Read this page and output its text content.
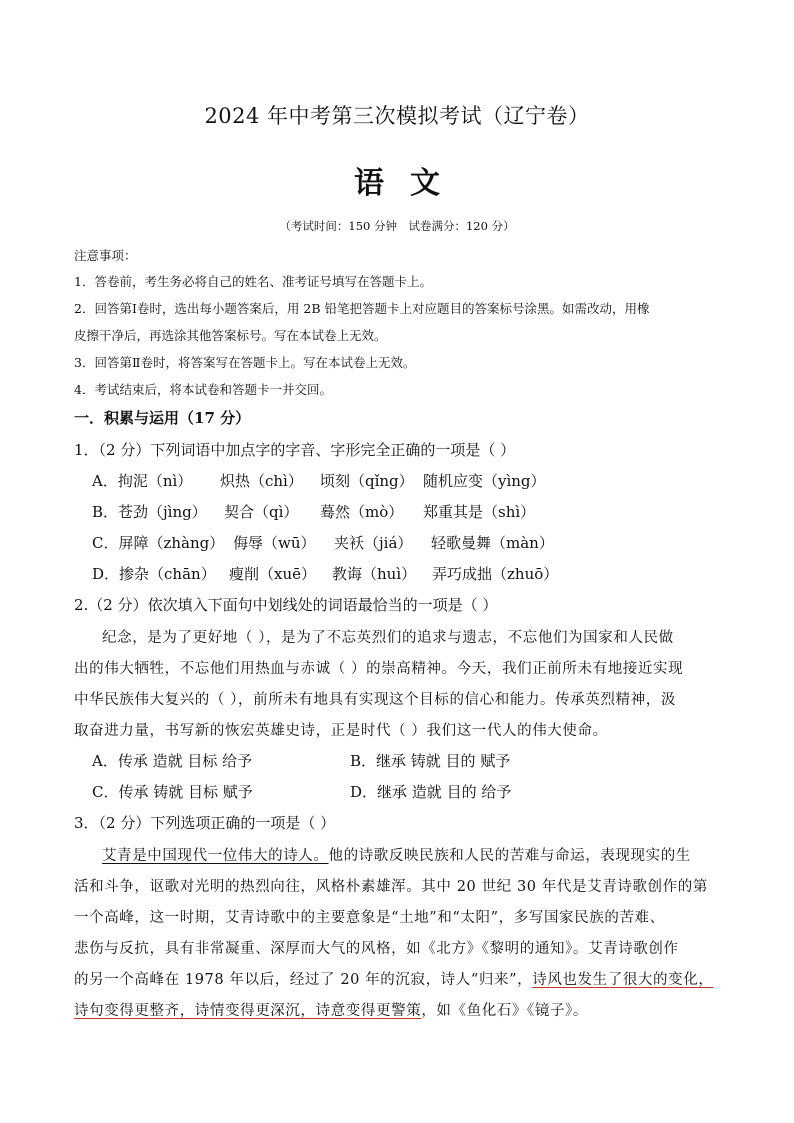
2024 年中考第三次模拟考试（辽宁卷）
语文
（考试时间：150 分钟　试卷满分：120 分）
注意事项：
1．答卷前，考生务必将自己的姓名、准考证号填写在答题卡上。
2．回答第Ⅰ卷时，选出每小题答案后，用 2B 铅笔把答题卡上对应题目的答案标号涂黑。如需改动，用橡
皮擦干净后，再选涂其他答案标号。写在本试卷上无效。
3．回答第Ⅱ卷时，将答案写在答题卡上。写在本试卷上无效。
4．考试结束后，将本试卷和答题卡一并交回。
一．积累与运用（17 分）
1．（2 分）下列词语中加点字的字音、字形完全正确的一项是（ ）
A．拘泥（nì） 炽热（chì） 顷刻（qǐng） 随机应变（yìng）
B．苍劲（jìng） 契合（qì） 蓦然（mò） 郑重其是（shì）
C．屏障（zhàng） 侮辱（wū） 夹袄（jiá） 轻歌曼舞（màn）
D．掺杂（chān） 瘦削（xuē） 教诲（huì） 弄巧成拙（zhuō）
2.（2 分）依次填入下面句中划线处的词语最恰当的一项是（ ）
纪念，是为了更好地（ ），是为了不忘英烈们的追求与遗志，不忘他们为国家和人民做
出的伟大牺牲，不忘他们用热血与赤诚（ ）的崇高精神。今天，我们正前所未有地接近实现
中华民族伟大复兴的（ ），前所未有地具有实现这个目标的信心和能力。传承英烈精神，汲
取奋进力量，书写新的恢宏英雄史诗，正是时代（ ）我们这一代人的伟大使命。
A．传承 造就 目标 给予	B．继承 铸就 目的 赋予
C．传承 铸就 目标 赋予	D．继承 造就 目的 给予
3．（2 分）下列选项正确的一项是（ ）
艾青是中国现代一位伟大的诗人。他的诗歌反映民族和人民的苦难与命运，表现现实的生
活和斗争，讴歌对光明的热烈向往，风格朴素雄浑。其中 20 世纪 30 年代是艾青诗歌创作的第
一个高峰，这一时期，艾青诗歌中的主要意象是“土地”和“太阳”，多写国家民族的苦难、
悲伤与反抗，具有非常凝重、深厚而大气的风格，如《北方》《黎明的通知》。艾青诗歌创作
的另一个高峰在 1978 年以后，经过了 20 年的沉寂，诗人“归来”，诗风也发生了很大的变化，
诗句变得更整齐，诗情变得更深沉，诗意变得更警策，如《鱼化石》《镜子》。
